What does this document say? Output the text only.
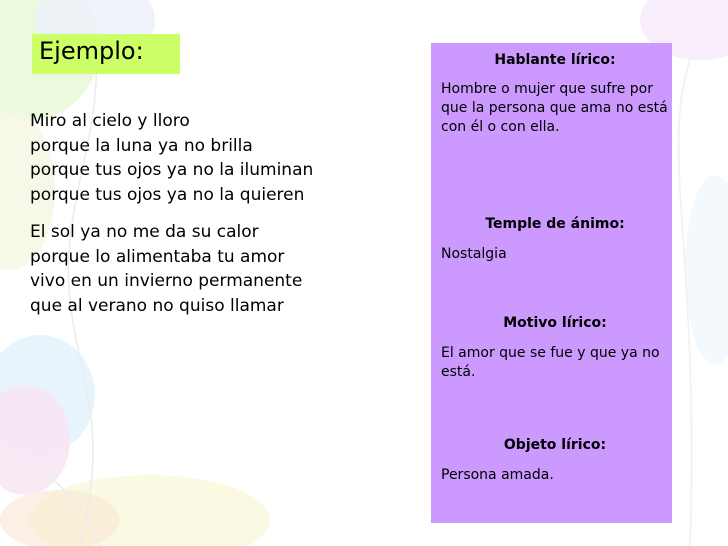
Ejemplo:
Miro al cielo y lloro
porque la luna ya no brilla
porque tus ojos ya no la iluminan
porque tus ojos ya no la quieren
El sol ya no me da su calor
porque lo alimentaba tu amor
vivo en un invierno permanente
que al verano no quiso llamar
Hablante lírico:
Hombre o mujer que sufre por que la persona que ama no está con él o con ella.
Temple de ánimo:
Nostalgia
Motivo lírico:
El amor que se fue y que ya no está.
Objeto lírico:
Persona amada.
